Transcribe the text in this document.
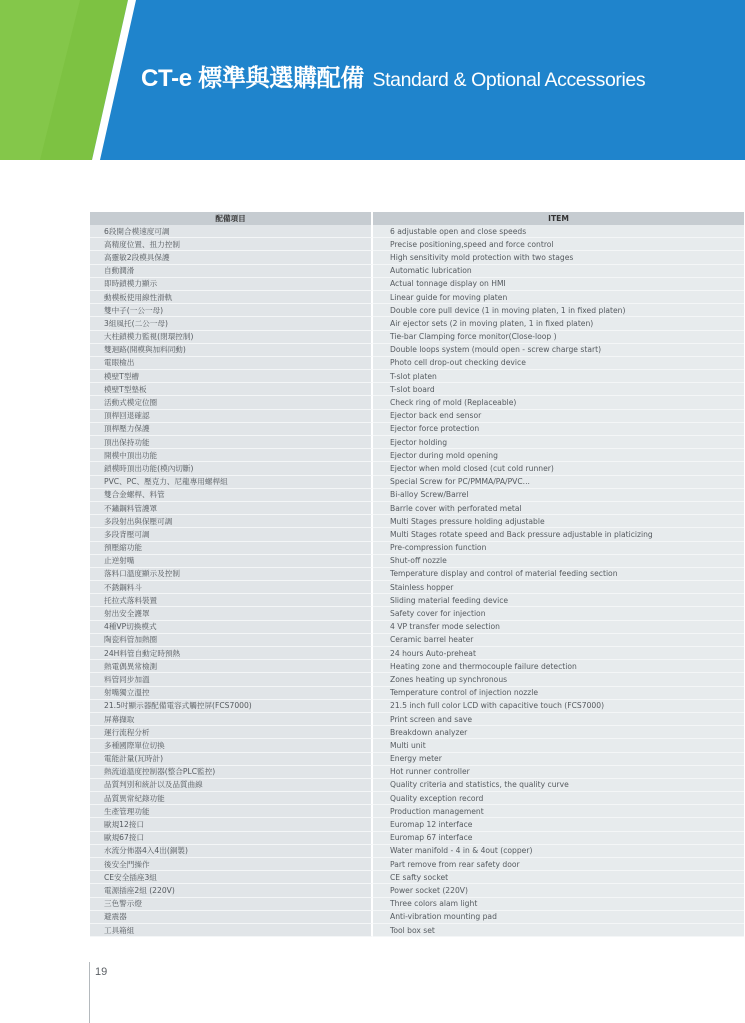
CT-e 標準與選購配備 Standard & Optional Accessories
配備項目	ITEM
6段開合模速度可調	6 adjustable open and close speeds
高精度位置、扭力控制	Precise positioning,speed and force control
高靈敏2段模具保護	High sensitivity mold protection with two stages
自動潤滑	Automatic lubrication
即時鎖模力顯示	Actual tonnage display on HMI
動模板使用線性滑軌	Linear guide for moving platen
雙中子(一公一母)	Double core pull device (1 in moving platen, 1 in fixed platen)
3組風托(二公一母)	Air ejector sets (2 in moving platen, 1 in fixed platen)
大柱鎖模力監視(閉環控制)	Tie-bar Clamping force monitor(Close-loop )
雙迴路(開模與加料同動)	Double loops system (mould open - screw charge start)
電眼檢出	Photo cell drop-out checking device
模壁T型槽	T-slot platen
模壁T型墊板	T-slot board
活動式模定位圈	Check ring of mold (Replaceable)
頂桿回退確認	Ejector back end sensor
頂桿壓力保護	Ejector force protection
頂出保持功能	Ejector holding
開模中頂出功能	Ejector during mold opening
鎖模時頂出功能(模內切斷)	Ejector when mold closed (cut cold runner)
PVC、PC、壓克力、尼龍專用螺桿組	Special Screw for PC/PMMA/PA/PVC...
雙合金螺桿、料管	Bi-alloy Screw/Barrel
不鏽鋼料管護罩	Barrle cover with perforated metal
多段射出與保壓可調	Multi Stages pressure holding adjustable
多段背壓可調	Multi Stages rotate speed and Back pressure adjustable in platicizing
預壓縮功能	Pre-compression function
止逆射嘴	Shut-off nozzle
落料口溫度顯示及控制	Temperature display and control of material feeding section
不銹鋼料斗	Stainless hopper
托拉式落料裝置	Sliding material feeding device
射出安全護罩	Safety cover for injection
4種VP切換模式	4 VP transfer mode selection
陶瓷料管加熱圈	Ceramic barrel heater
24H料管自動定時預熱	24 hours Auto-preheat
熱電偶異常檢測	Heating zone and thermocouple failure detection
料管同步加溫	Zones heating up synchronous
射嘴獨立溫控	Temperature control of injection nozzle
21.5吋顯示器配備電容式觸控屏(FCS7000)	21.5 inch full color LCD with capacitive touch (FCS7000)
屏幕擷取	Print screen and save
運行流程分析	Breakdown analyzer
多種國際單位切換	Multi unit
電能計量(瓦時計)	Energy meter
熱流道溫度控制器(整合PLC監控)	Hot runner controller
品質判別和統計以及品質曲線	Quality criteria and statistics, the quality curve
品質異常紀錄功能	Quality exception record
生產管理功能	Production management
歐規12接口	Euromap 12 interface
歐規67接口	Euromap 67 interface
水流分佈器4入4出(銅製)	Water manifold - 4 in & 4out (copper)
後安全門操作	Part remove from rear safety door
CE安全插座3組	CE safty socket
電源插座2組 (220V)	Power socket (220V)
三色警示燈	Three colors alam light
避震器	Anti-vibration mounting pad
工具箱組	Tool box set
19
